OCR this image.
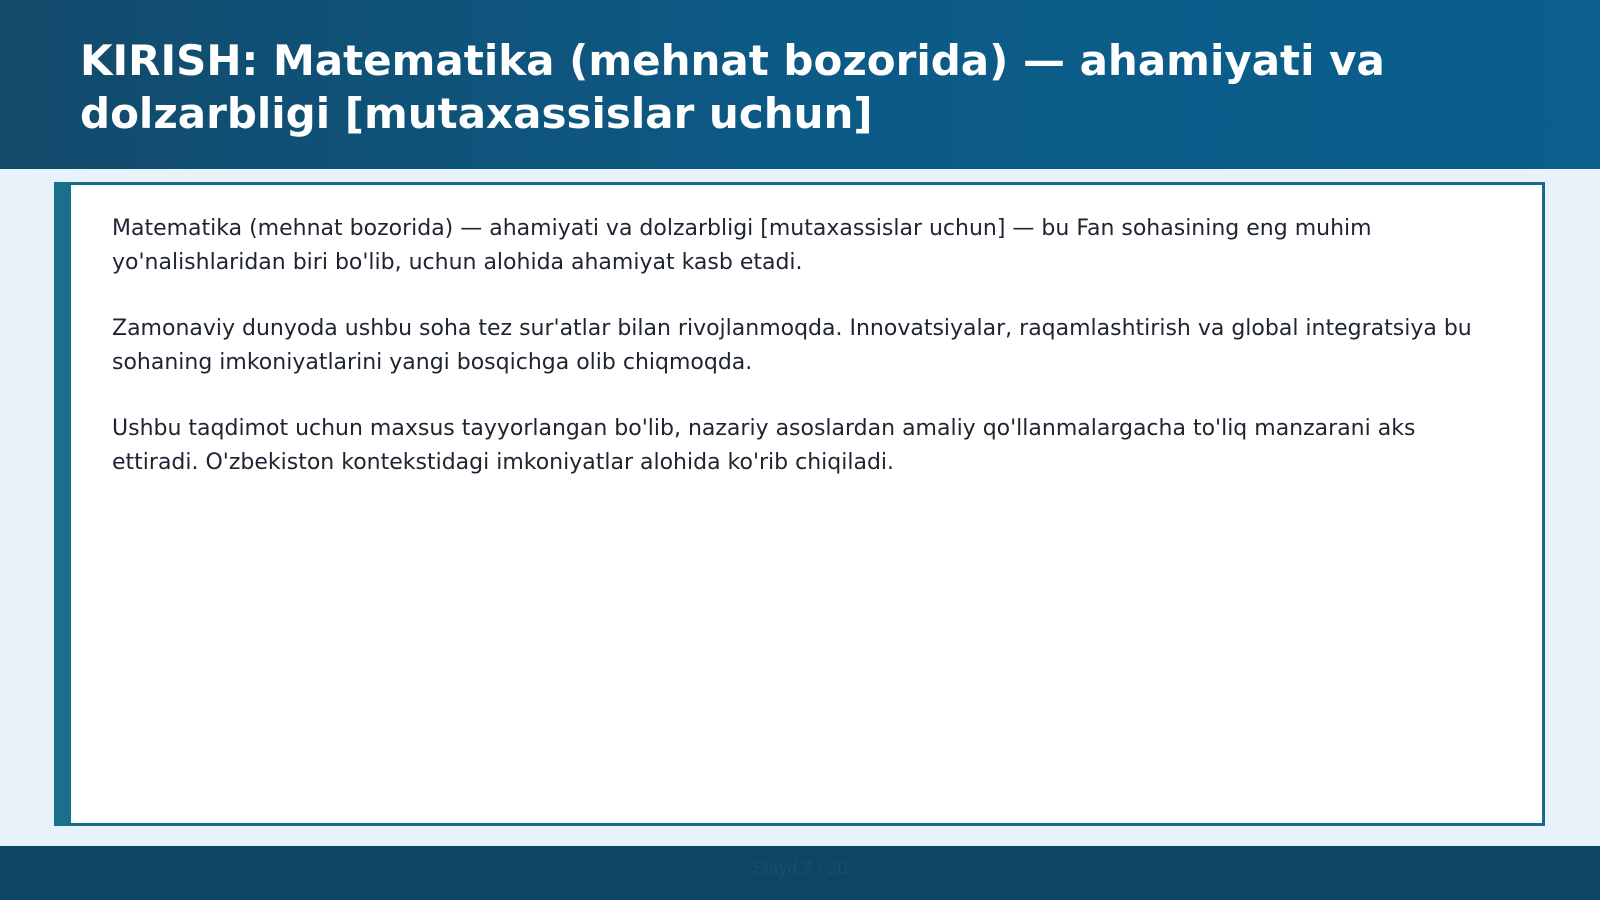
KIRISH: Matematika (mehnat bozorida) — ahamiyati va dolzarbligi [mutaxassislar uchun]

Matematika (mehnat bozorida) — ahamiyati va dolzarbligi [mutaxassislar uchun] — bu Fan sohasining eng muhim yo'nalishlaridan biri bo'lib, uchun alohida ahamiyat kasb etadi.

Zamonaviy dunyoda ushbu soha tez sur'atlar bilan rivojlanmoqda. Innovatsiyalar, raqamlashtirish va global integratsiya bu sohaning imkoniyatlarini yangi bosqichga olib chiqmoqda.

Ushbu taqdimot uchun maxsus tayyorlangan bo'lib, nazariy asoslardan amaliy qo'llanmalargacha to'liq manzarani aks ettiradi. O'zbekiston kontekstidagi imkoniyatlar alohida ko'rib chiqiladi.

Slayd 2 / 20
